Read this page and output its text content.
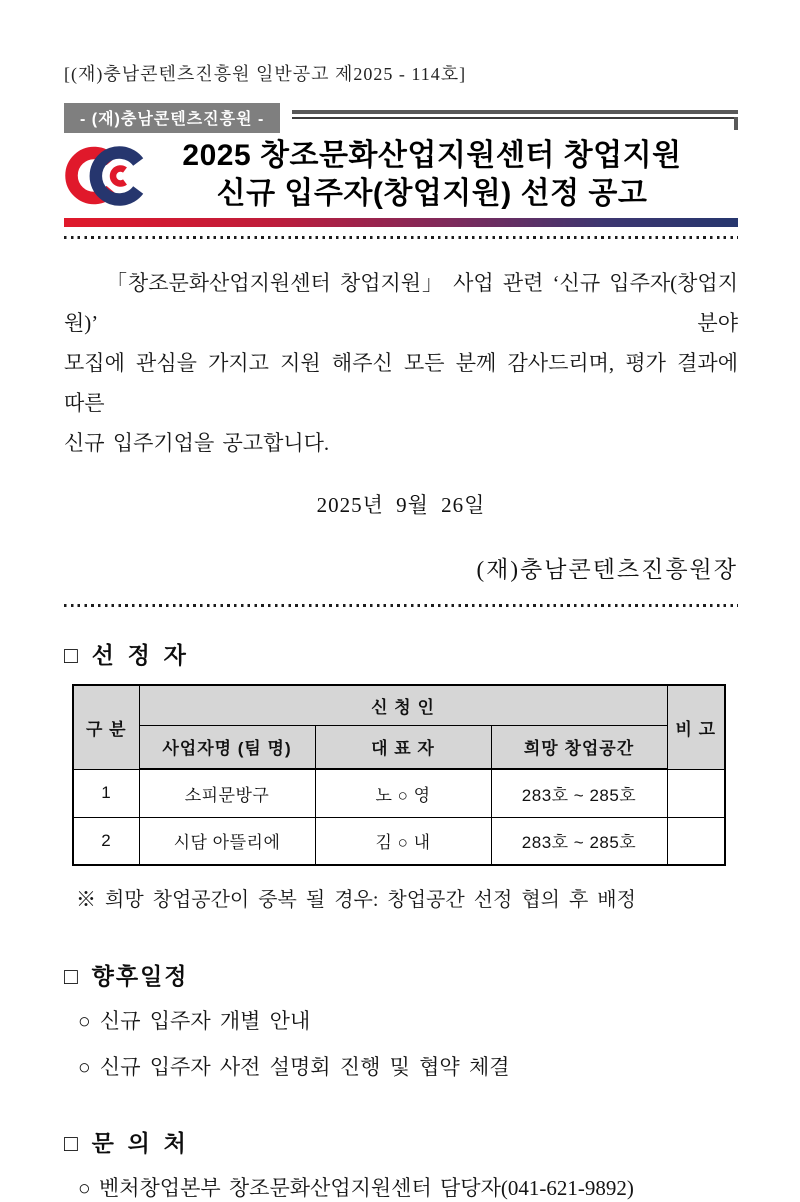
[(재)충남콘텐츠진흥원 일반공고 제2025 - 114호]
- (재)충남콘텐츠진흥원 -
2025 창조문화산업지원센터 창업지원
신규 입주자(창업지원) 선정 공고
「창조문화산업지원센터 창업지원」 사업 관련 ‘신규 입주자(창업지원)’ 분야
모집에 관심을 가지고 지원 해주신 모든 분께 감사드리며, 평가 결과에 따른
신규 입주기업을 공고합니다.
2025년 9월 26일
(재)충남콘텐츠진흥원장
□ 선 정 자
구 분	신 청 인			비 고
	사업자명 (팀 명)	대 표 자	희망 창업공간	
1	소피문방구	노 ○ 영	283호 ~ 285호	
2	시담 아뜰리에	김 ○ 내	283호 ~ 285호	
※ 희망 창업공간이 중복 될 경우: 창업공간 선정 협의 후 배정
□ 향후일정
○ 신규 입주자 개별 안내
○ 신규 입주자 사전 설명회 진행 및 협약 체결
□ 문 의 처
○ 벤처창업본부 창조문화산업지원센터 담당자(041-621-9892)
